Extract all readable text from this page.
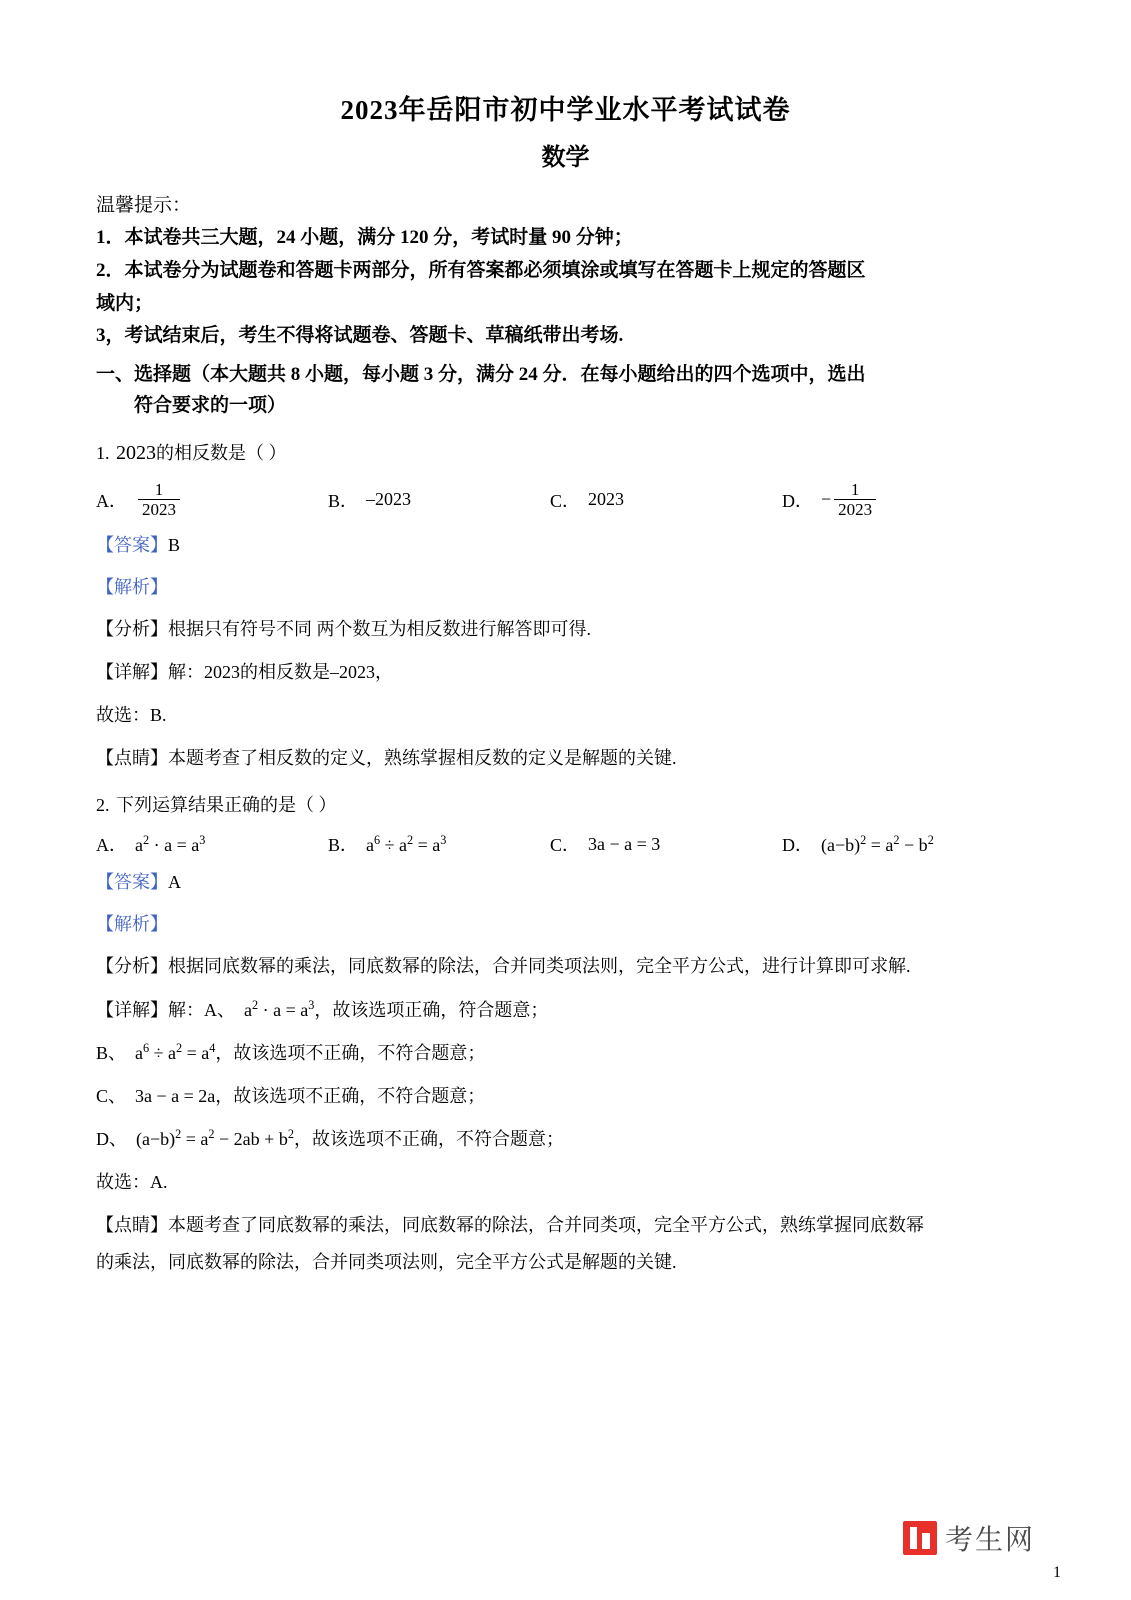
2023年岳阳市初中学业水平考试试卷
数学
温馨提示：
1．本试卷共三大题，24 小题，满分 120 分，考试时量 90 分钟；
2．本试卷分为试题卷和答题卡两部分，所有答案都必须填涂或填写在答题卡上规定的答题区
域内；
3，考试结束后，考生不得将试题卷、答题卡、草稿纸带出考场.
一、选择题（本大题共 8 小题，每小题 3 分，满分 24 分．在每小题给出的四个选项中，选出
符合要求的一项）
1. 2023的相反数是（ ）
A． $\frac{1}{2023}$	B． –2023	C． 2023	D． − $\frac{1}{2023}$
【答案】B
【解析】
【分析】根据只有符号不同 两个数互为相反数进行解答即可得.
【详解】解：2023的相反数是–2023，
故选：B.
【点睛】本题考查了相反数的定义，熟练掌握相反数的定义是解题的关键.
2. 下列运算结果正确的是（ ）
A． $a^2 \cdot a = a^3$	B． $a^6 \div a^2 = a^3$	C． 3a − a = 3	D． $(a-b)^2 = a^2 - b^2$
【答案】A
【解析】
【分析】根据同底数幂的乘法，同底数幂的除法，合并同类项法则，完全平方公式，进行计算即可求解.
【详解】解：A、　$a^2 \cdot a = a^3$，故该选项正确，符合题意；
B、　$a^6 \div a^2 = a^4$，故该选项不正确，不符合题意；
C、　3a − a = 2a，故该选项不正确，不符合题意；
D、　$(a-b)^2 = a^2 - 2ab + b^2$，故该选项不正确，不符合题意；
故选：A.
【点睛】本题考查了同底数幂的乘法，同底数幂的除法，合并同类项，完全平方公式，熟练掌握同底数幂
的乘法，同底数幂的除法，合并同类项法则，完全平方公式是解题的关键.
考生网
1
